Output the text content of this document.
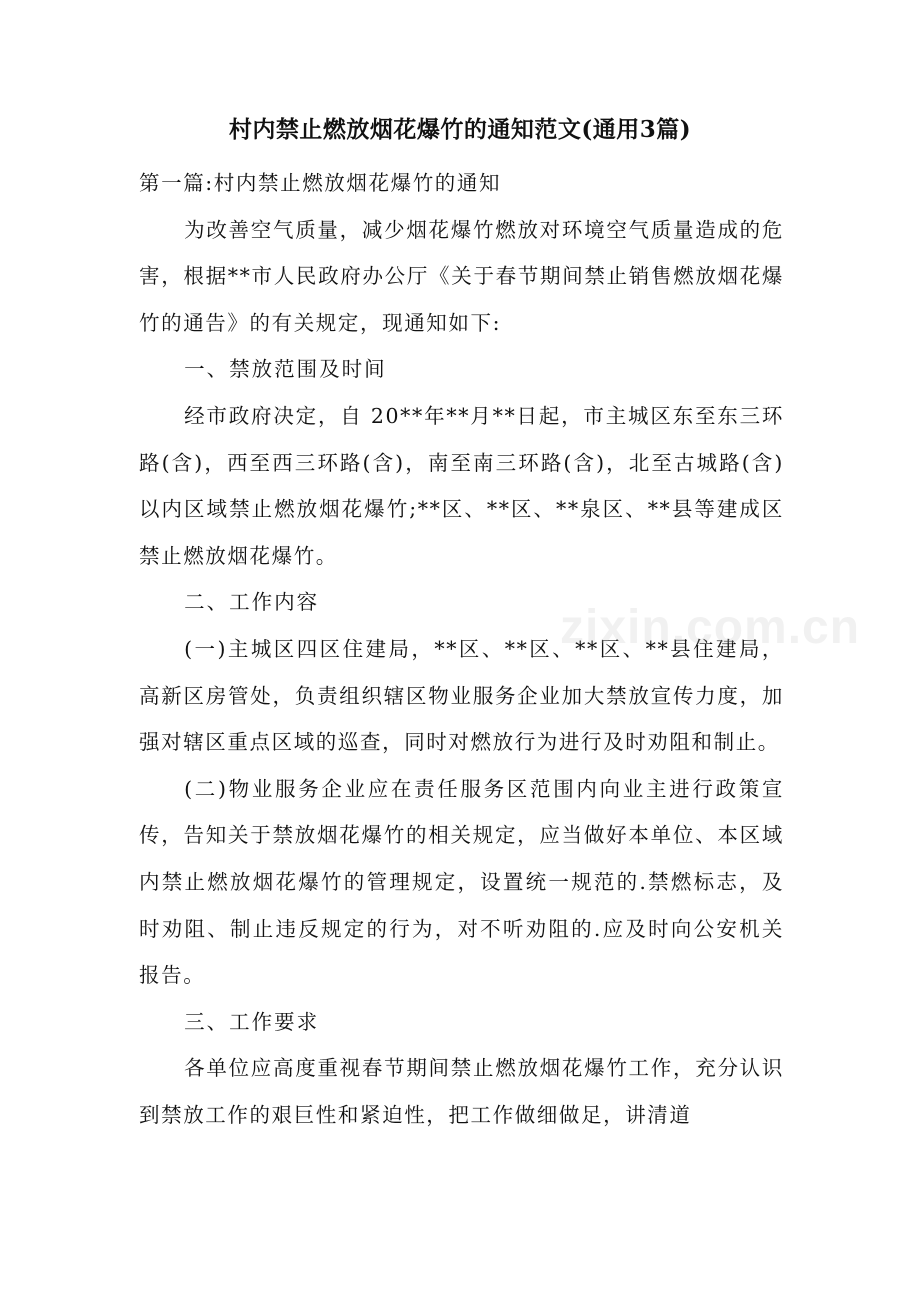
村内禁止燃放烟花爆竹的通知范文(通用3篇)

第一篇:村内禁止燃放烟花爆竹的通知

为改善空气质量，减少烟花爆竹燃放对环境空气质量造成的危害，根据**市人民政府办公厅《关于春节期间禁止销售燃放烟花爆竹的通告》的有关规定，现通知如下:

一、禁放范围及时间

经市政府决定，自 20**年**月**日起，市主城区东至东三环路(含)，西至西三环路(含)，南至南三环路(含)，北至古城路(含)以内区域禁止燃放烟花爆竹;**区、**区、**泉区、**县等建成区禁止燃放烟花爆竹。

二、工作内容

(一)主城区四区住建局，**区、**区、**区、**县住建局，高新区房管处，负责组织辖区物业服务企业加大禁放宣传力度，加强对辖区重点区域的巡查，同时对燃放行为进行及时劝阻和制止。

(二)物业服务企业应在责任服务区范围内向业主进行政策宣传，告知关于禁放烟花爆竹的相关规定，应当做好本单位、本区域内禁止燃放烟花爆竹的管理规定，设置统一规范的.禁燃标志，及时劝阻、制止违反规定的行为，对不听劝阻的.应及时向公安机关报告。

三、工作要求

各单位应高度重视春节期间禁止燃放烟花爆竹工作，充分认识到禁放工作的艰巨性和紧迫性，把工作做细做足，讲清道

zixin.com.cn
